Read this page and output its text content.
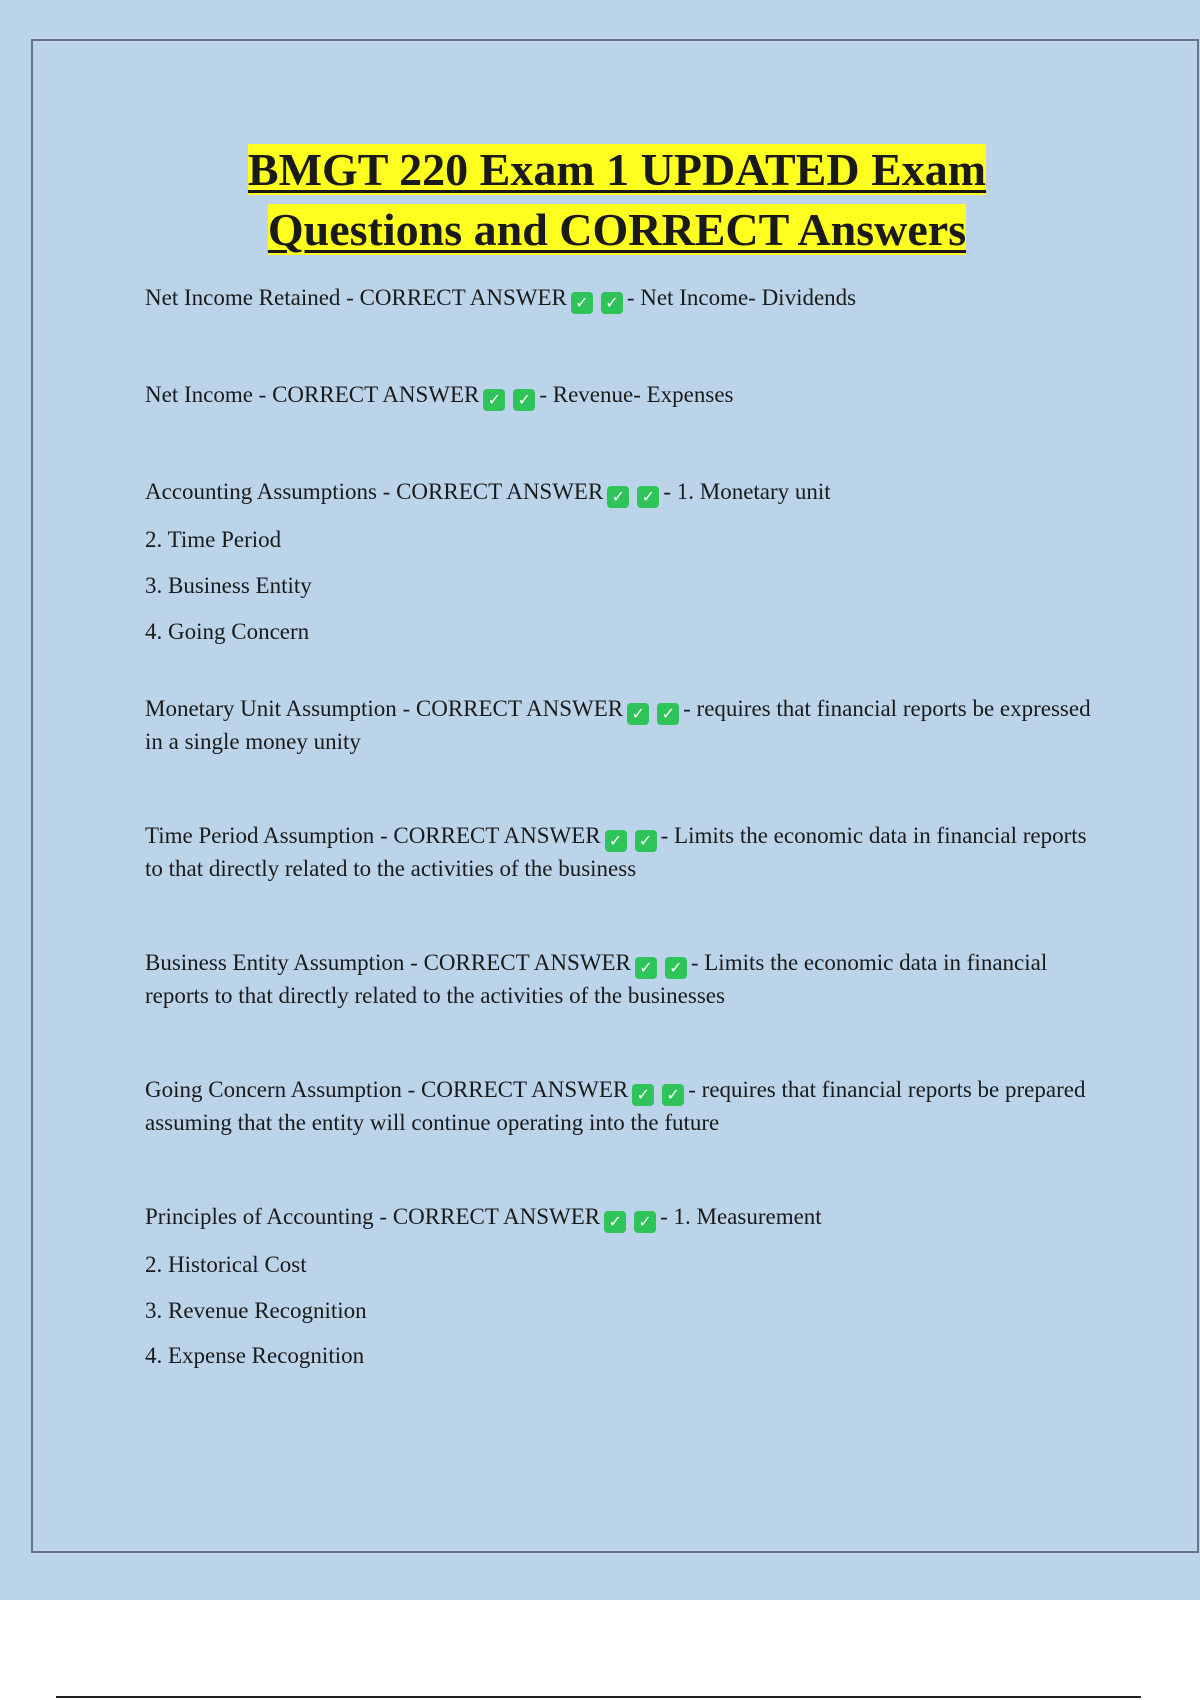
BMGT 220 Exam 1 UPDATED Exam
Questions and CORRECT Answers

Net Income Retained - CORRECT ANSWER ✓ ✓ - Net Income- Dividends

Net Income - CORRECT ANSWER ✓ ✓ - Revenue- Expenses

Accounting Assumptions - CORRECT ANSWER ✓ ✓ - 1. Monetary unit

2. Time Period

3. Business Entity

4. Going Concern

Monetary Unit Assumption - CORRECT ANSWER ✓ ✓ - requires that financial reports be expressed in a single money unity

Time Period Assumption - CORRECT ANSWER ✓ ✓ - Limits the economic data in financial reports to that directly related to the activities of the business

Business Entity Assumption - CORRECT ANSWER ✓ ✓ - Limits the economic data in financial reports to that directly related to the activities of the businesses

Going Concern Assumption - CORRECT ANSWER ✓ ✓ - requires that financial reports be prepared assuming that the entity will continue operating into the future

Principles of Accounting - CORRECT ANSWER ✓ ✓ - 1. Measurement

2. Historical Cost

3. Revenue Recognition

4. Expense Recognition
